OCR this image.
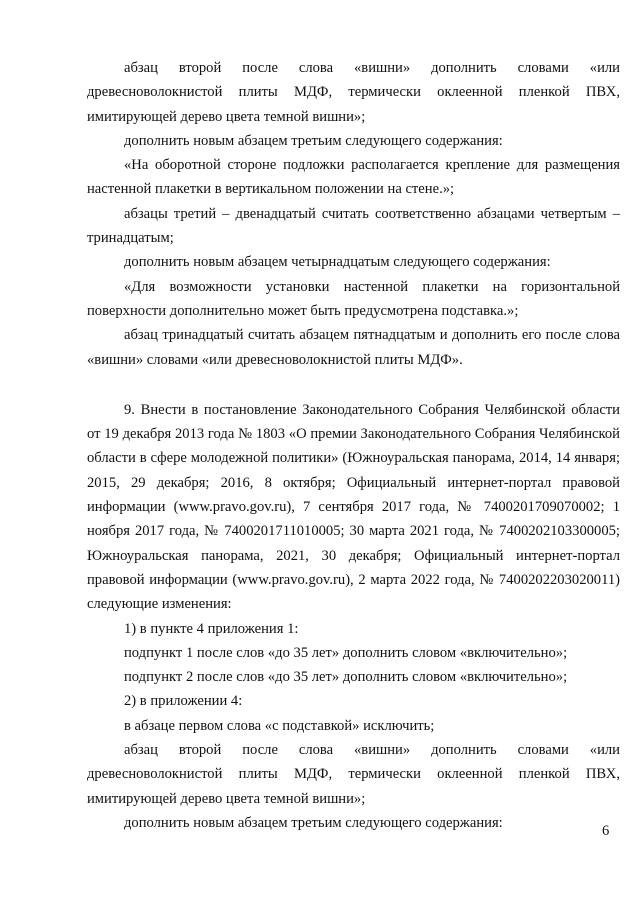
абзац второй после слова «вишни» дополнить словами «или древесноволокнистой плиты МДФ, термически оклеенной пленкой ПВХ, имитирующей дерево цвета темной вишни»;

дополнить новым абзацем третьим следующего содержания:

«На оборотной стороне подложки располагается крепление для размещения настенной плакетки в вертикальном положении на стене.»;

абзацы третий – двенадцатый считать соответственно абзацами четвертым – тринадцатым;

дополнить новым абзацем четырнадцатым следующего содержания:

«Для возможности установки настенной плакетки на горизонтальной поверхности дополнительно может быть предусмотрена подставка.»;

абзац тринадцатый считать абзацем пятнадцатым и дополнить его после слова «вишни» словами «или древесноволокнистой плиты МДФ».

9. Внести в постановление Законодательного Собрания Челябинской области от 19 декабря 2013 года № 1803 «О премии Законодательного Собрания Челябинской области в сфере молодежной политики» (Южноуральская панорама, 2014, 14 января; 2015, 29 декабря; 2016, 8 октября; Официальный интернет-портал правовой информации (www.pravo.gov.ru), 7 сентября 2017 года, № 7400201709070002; 1 ноября 2017 года, № 7400201711010005; 30 марта 2021 года, № 7400202103300005; Южноуральская панорама, 2021, 30 декабря; Официальный интернет-портал правовой информации (www.pravo.gov.ru), 2 марта 2022 года, № 7400202203020011) следующие изменения:

1) в пункте 4 приложения 1:

подпункт 1 после слов «до 35 лет» дополнить словом «включительно»;

подпункт 2 после слов «до 35 лет» дополнить словом «включительно»;

2) в приложении 4:

в абзаце первом слова «с подставкой» исключить;

абзац второй после слова «вишни» дополнить словами «или древесноволокнистой плиты МДФ, термически оклеенной пленкой ПВХ, имитирующей дерево цвета темной вишни»;

дополнить новым абзацем третьим следующего содержания:

6
